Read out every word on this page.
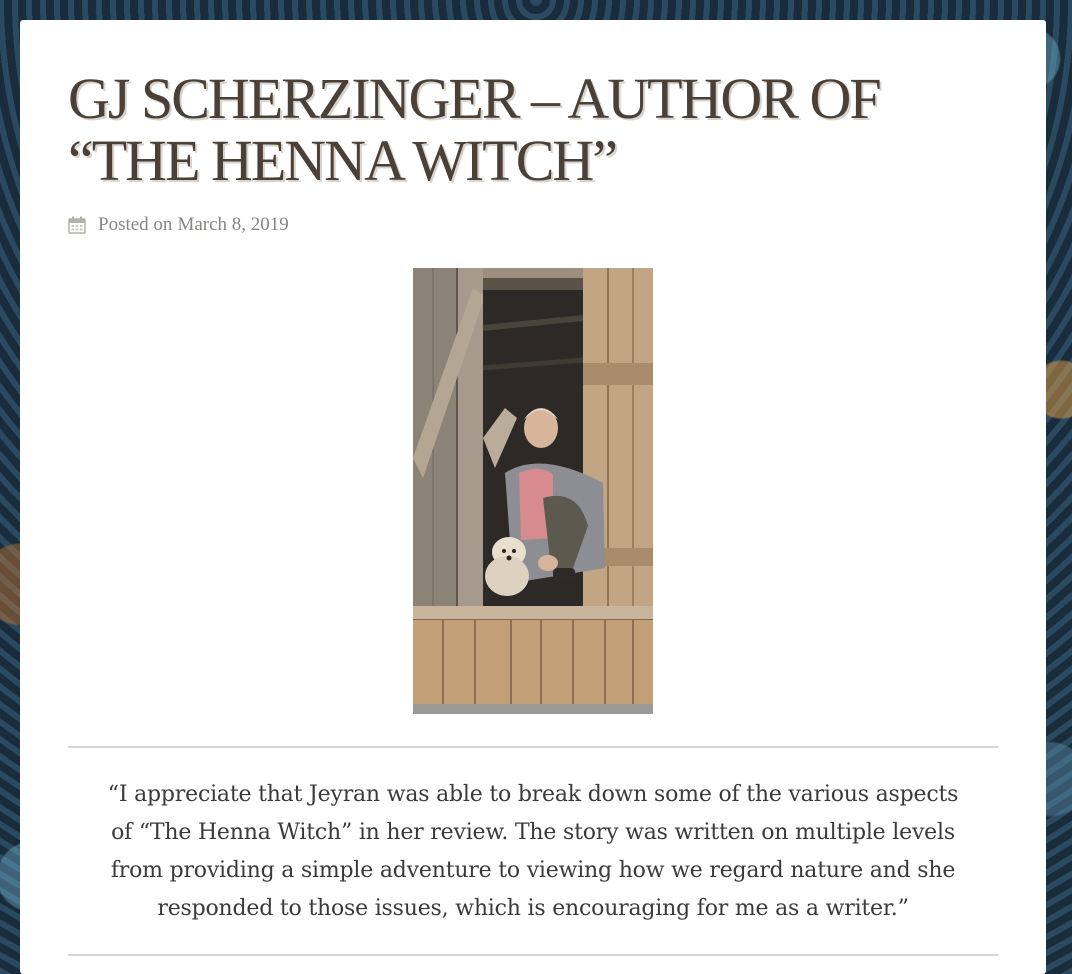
GJ SCHERZINGER – AUTHOR OF “THE HENNA WITCH”
Posted on March 8, 2019

“I appreciate that Jeyran was able to break down some of the various aspects of “The Henna Witch” in her review. The story was written on multiple levels from providing a simple adventure to viewing how we regard nature and she responded to those issues, which is encouraging for me as a writer.”
